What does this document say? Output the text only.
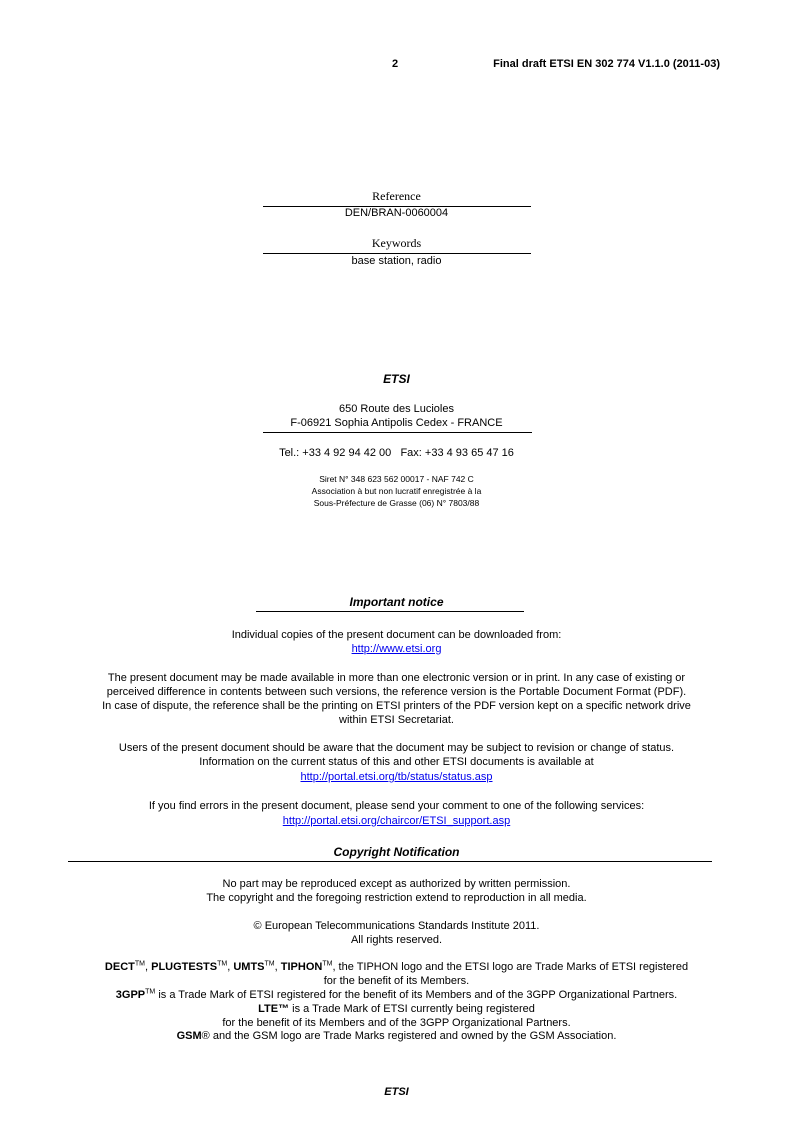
2	Final draft ETSI EN 302 774 V1.1.0 (2011-03)
Reference
DEN/BRAN-0060004
Keywords
base station, radio
ETSI
650 Route des Lucioles
F-06921 Sophia Antipolis Cedex - FRANCE
Tel.: +33 4 92 94 42 00   Fax: +33 4 93 65 47 16
Siret N° 348 623 562 00017 - NAF 742 C
Association à but non lucratif enregistrée à la
Sous-Préfecture de Grasse (06) N° 7803/88
Important notice
Individual copies of the present document can be downloaded from:
http://www.etsi.org
The present document may be made available in more than one electronic version or in print. In any case of existing or
perceived difference in contents between such versions, the reference version is the Portable Document Format (PDF).
In case of dispute, the reference shall be the printing on ETSI printers of the PDF version kept on a specific network drive
within ETSI Secretariat.
Users of the present document should be aware that the document may be subject to revision or change of status.
Information on the current status of this and other ETSI documents is available at
http://portal.etsi.org/tb/status/status.asp
If you find errors in the present document, please send your comment to one of the following services:
http://portal.etsi.org/chaircor/ETSI_support.asp
Copyright Notification
No part may be reproduced except as authorized by written permission.
The copyright and the foregoing restriction extend to reproduction in all media.
© European Telecommunications Standards Institute 2011.
All rights reserved.
DECT™, PLUGTESTS™, UMTS™, TIPHON™, the TIPHON logo and the ETSI logo are Trade Marks of ETSI registered
for the benefit of its Members.
3GPP™ is a Trade Mark of ETSI registered for the benefit of its Members and of the 3GPP Organizational Partners.
LTE™ is a Trade Mark of ETSI currently being registered
for the benefit of its Members and of the 3GPP Organizational Partners.
GSM® and the GSM logo are Trade Marks registered and owned by the GSM Association.
ETSI
